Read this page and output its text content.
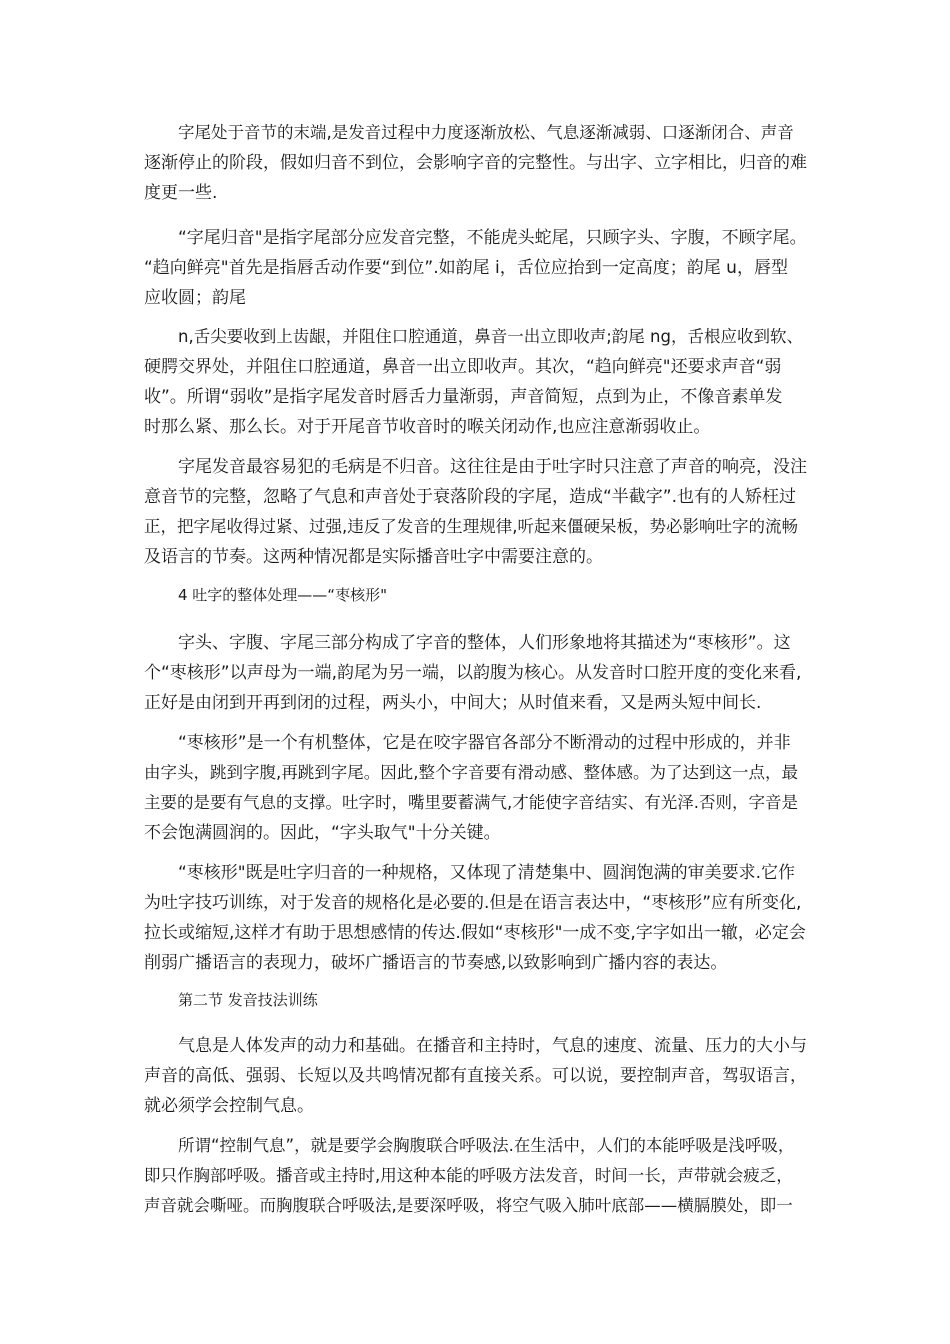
字尾处于音节的末端,是发音过程中力度逐渐放松、气息逐渐减弱、口逐渐闭合、声音
逐渐停止的阶段，假如归音不到位，会影响字音的完整性。与出字、立字相比，归音的难
度更一些.

“字尾归音"是指字尾部分应发音完整，不能虎头蛇尾，只顾字头、字腹，不顾字尾。
“趋向鲜亮"首先是指唇舌动作要“到位”.如韵尾 i，舌位应抬到一定高度；韵尾 u，唇型
应收圆；韵尾

n,舌尖要收到上齿龈，并阻住口腔通道，鼻音一出立即收声;韵尾 ng，舌根应收到软、
硬腭交界处，并阻住口腔通道，鼻音一出立即收声。其次，“趋向鲜亮"还要求声音“弱
收”。所谓“弱收”是指字尾发音时唇舌力量渐弱，声音简短，点到为止，不像音素单发
时那么紧、那么长。对于开尾音节收音时的喉关闭动作,也应注意渐弱收止。

字尾发音最容易犯的毛病是不归音。这往往是由于吐字时只注意了声音的响亮，没注
意音节的完整，忽略了气息和声音处于衰落阶段的字尾，造成“半截字”.也有的人矫枉过
正，把字尾收得过紧、过强,违反了发音的生理规律,听起来僵硬呆板，势必影响吐字的流畅
及语言的节奏。这两种情况都是实际播音吐字中需要注意的。

4 吐字的整体处理——“枣核形"

字头、字腹、字尾三部分构成了字音的整体，人们形象地将其描述为“枣核形”。这
个“枣核形”以声母为一端,韵尾为另一端，以韵腹为核心。从发音时口腔开度的变化来看,
正好是由闭到开再到闭的过程，两头小，中间大；从时值来看，又是两头短中间长.

“枣核形”是一个有机整体，它是在咬字器官各部分不断滑动的过程中形成的，并非
由字头，跳到字腹,再跳到字尾。因此,整个字音要有滑动感、整体感。为了达到这一点，最
主要的是要有气息的支撑。吐字时，嘴里要蓄满气,才能使字音结实、有光泽.否则，字音是
不会饱满圆润的。因此，“字头取气"十分关键。

“枣核形"既是吐字归音的一种规格，又体现了清楚集中、圆润饱满的审美要求.它作
为吐字技巧训练，对于发音的规格化是必要的.但是在语言表达中，“枣核形”应有所变化,
拉长或缩短,这样才有助于思想感情的传达.假如“枣核形"一成不变,字字如出一辙，必定会
削弱广播语言的表现力，破坏广播语言的节奏感,以致影响到广播内容的表达。

第二节 发音技法训练

气息是人体发声的动力和基础。在播音和主持时，气息的速度、流量、压力的大小与
声音的高低、强弱、长短以及共鸣情况都有直接关系。可以说，要控制声音，驾驭语言，
就必须学会控制气息。

所谓“控制气息”，就是要学会胸腹联合呼吸法.在生活中，人们的本能呼吸是浅呼吸，
即只作胸部呼吸。播音或主持时,用这种本能的呼吸方法发音，时间一长，声带就会疲乏，
声音就会嘶哑。而胸腹联合呼吸法,是要深呼吸，将空气吸入肺叶底部——横膈膜处，即一
